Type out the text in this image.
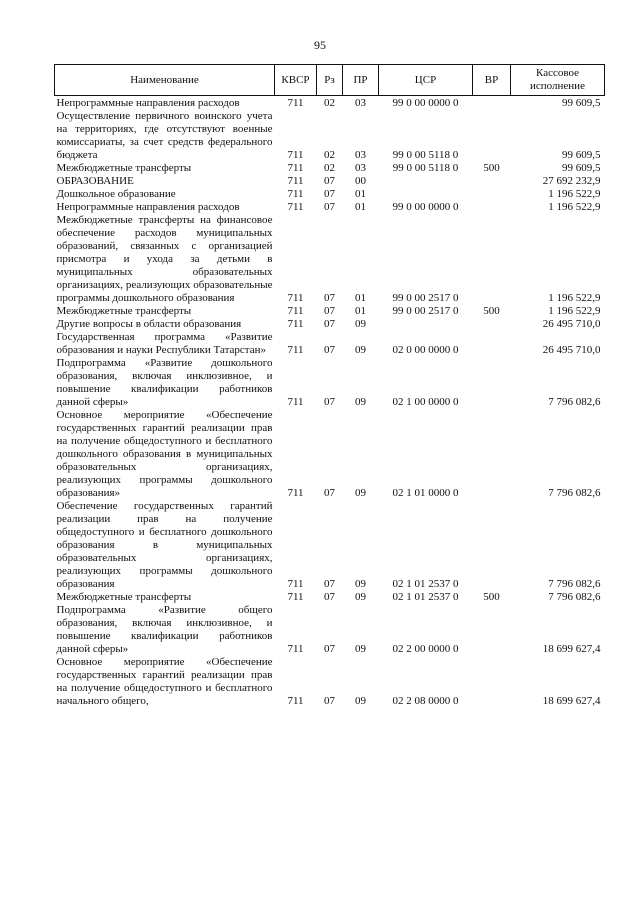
95
Наименование	КВСР	Рз	ПР	ЦСР	ВР	Кассовое исполнение
Непрограммные направления расходов	711	02	03	99 0 00 0000 0		99 609,5
Осуществление первичного воинского учета на территориях, где отсутствуют военные комиссариаты, за счет средств федерального бюджета	711	02	03	99 0 00 5118 0		99 609,5
Межбюджетные трансферты	711	02	03	99 0 00 5118 0	500	99 609,5
ОБРАЗОВАНИЕ	711	07	00			27 692 232,9
Дошкольное образование	711	07	01			1 196 522,9
Непрограммные направления расходов	711	07	01	99 0 00 0000 0		1 196 522,9
Межбюджетные трансферты на финансовое обеспечение расходов муниципальных образований, связанных с организацией присмотра и ухода за детьми в муниципальных образовательных организациях, реализующих образовательные программы дошкольного образования	711	07	01	99 0 00 2517 0		1 196 522,9
Межбюджетные трансферты	711	07	01	99 0 00 2517 0	500	1 196 522,9
Другие вопросы в области образования	711	07	09			26 495 710,0
Государственная программа «Развитие образования и науки Республики Татарстан»	711	07	09	02 0 00 0000 0		26 495 710,0
Подпрограмма «Развитие дошкольного образования, включая инклюзивное, и повышение квалификации работников данной сферы»	711	07	09	02 1 00 0000 0		7 796 082,6
Основное мероприятие «Обеспечение государственных гарантий реализации прав на получение общедоступного и бесплатного дошкольного образования в муниципальных образовательных организациях, реализующих программы дошкольного образования»	711	07	09	02 1 01 0000 0		7 796 082,6
Обеспечение государственных гарантий реализации прав на получение общедоступного и бесплатного дошкольного образования в муниципальных образовательных организациях, реализующих программы дошкольного образования	711	07	09	02 1 01 2537 0		7 796 082,6
Межбюджетные трансферты	711	07	09	02 1 01 2537 0	500	7 796 082,6
Подпрограмма «Развитие общего образования, включая инклюзивное, и повышение квалификации работников данной сферы»	711	07	09	02 2 00 0000 0		18 699 627,4
Основное мероприятие «Обеспечение государственных гарантий реализации прав на получение общедоступного и бесплатного начального общего,	711	07	09	02 2 08 0000 0		18 699 627,4
